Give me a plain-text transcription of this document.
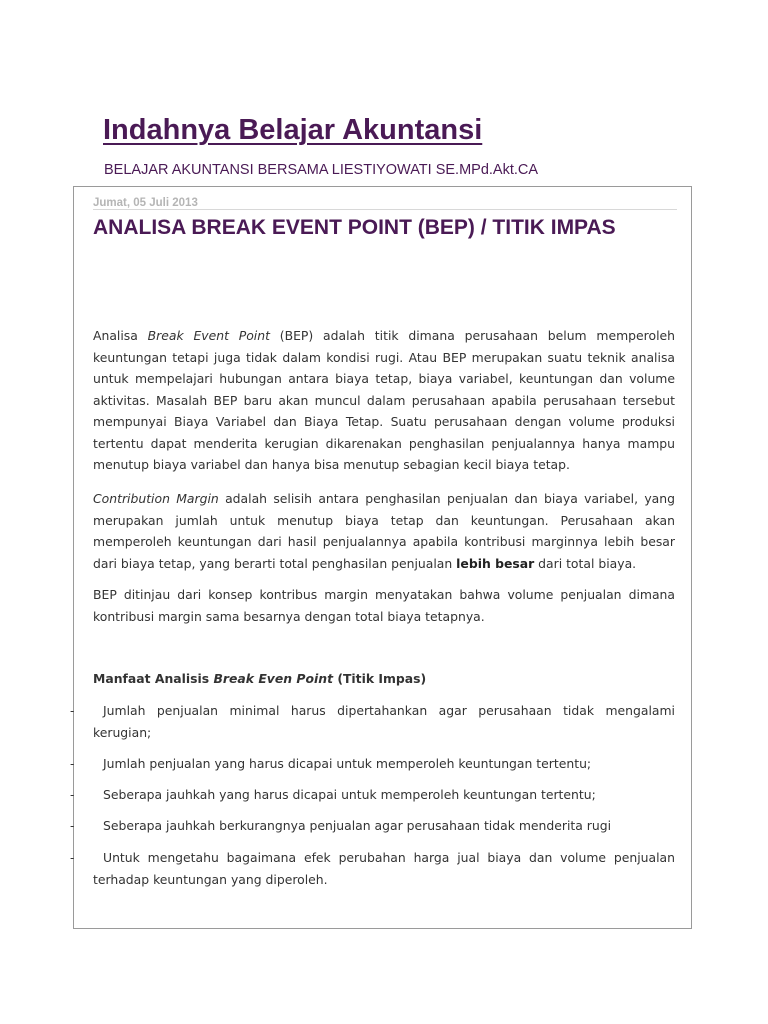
Indahnya Belajar Akuntansi

BELAJAR AKUNTANSI BERSAMA LIESTIYOWATI SE.MPd.Akt.CA

Jumat, 05 Juli 2013
ANALISA BREAK EVENT POINT (BEP) / TITIK IMPAS

Analisa Break Event Point (BEP) adalah titik dimana perusahaan belum memperoleh keuntungan tetapi juga tidak dalam kondisi rugi. Atau BEP merupakan suatu teknik analisa untuk mempelajari hubungan antara biaya tetap, biaya variabel, keuntungan dan volume aktivitas. Masalah BEP baru akan muncul dalam perusahaan apabila perusahaan tersebut mempunyai Biaya Variabel dan Biaya Tetap. Suatu perusahaan dengan volume produksi tertentu dapat menderita kerugian dikarenakan penghasilan penjualannya hanya mampu menutup biaya variabel dan hanya bisa menutup sebagian kecil biaya tetap.

Contribution Margin adalah selisih antara penghasilan penjualan dan biaya variabel, yang merupakan jumlah untuk menutup biaya tetap dan keuntungan. Perusahaan akan memperoleh keuntungan dari hasil penjualannya apabila kontribusi marginnya lebih besar dari biaya tetap, yang berarti total penghasilan penjualan lebih besar dari total biaya.

BEP ditinjau dari konsep kontribus margin menyatakan bahwa volume penjualan dimana kontribusi margin sama besarnya dengan total biaya tetapnya.

Manfaat Analisis Break Even Point (Titik Impas)
-	Jumlah penjualan minimal harus dipertahankan agar perusahaan tidak mengalami kerugian;

-	Jumlah penjualan yang harus dicapai untuk memperoleh keuntungan tertentu;

-	Seberapa jauhkah yang harus dicapai untuk memperoleh keuntungan tertentu;

-	Seberapa jauhkah berkurangnya penjualan agar perusahaan tidak menderita rugi

-	Untuk mengetahu bagaimana efek perubahan harga jual biaya dan volume penjualan terhadap keuntungan yang diperoleh.
